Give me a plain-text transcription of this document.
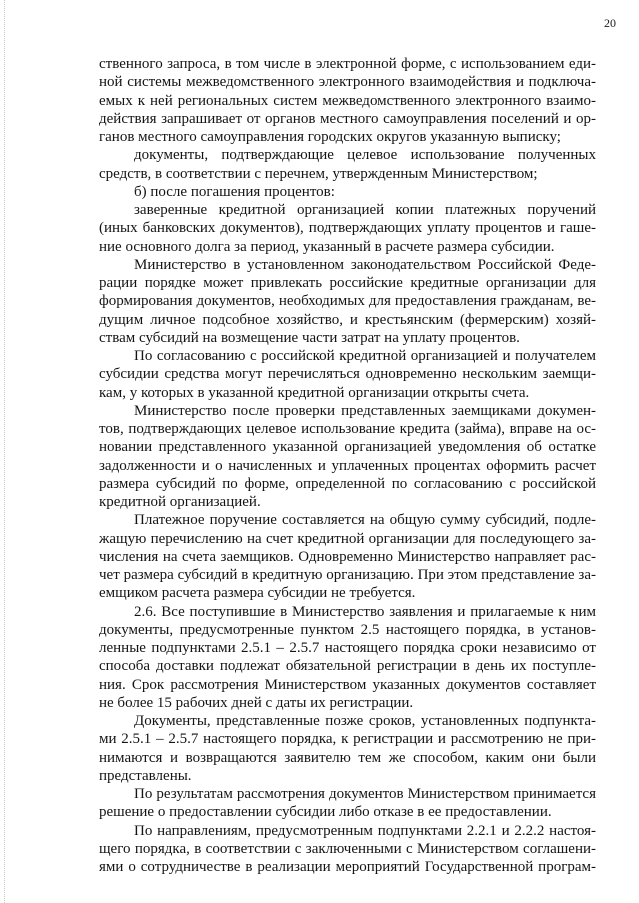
20
ственного запроса, в том числе в электронной форме, с использованием еди-
ной системы межведомственного электронного взаимодействия и подключа-
емых к ней региональных систем межведомственного электронного взаимо-
действия запрашивает от органов местного самоуправления поселений и ор-
ганов местного самоуправления городских округов указанную выписку;
документы, подтверждающие целевое использование полученных
средств, в соответствии с перечнем, утвержденным Министерством;
б) после погашения процентов:
заверенные кредитной организацией копии платежных поручений
(иных банковских документов), подтверждающих уплату процентов и гаше-
ние основного долга за период, указанный в расчете размера субсидии.
Министерство в установленном законодательством Российской Феде-
рации порядке может привлекать российские кредитные организации для
формирования документов, необходимых для предоставления гражданам, ве-
дущим личное подсобное хозяйство, и крестьянским (фермерским) хозяй-
ствам субсидий на возмещение части затрат на уплату процентов.
По согласованию с российской кредитной организацией и получателем
субсидии средства могут перечисляться одновременно нескольким заемщи-
кам, у которых в указанной кредитной организации открыты счета.
Министерство после проверки представленных заемщиками докумен-
тов, подтверждающих целевое использование кредита (займа), вправе на ос-
новании представленного указанной организацией уведомления об остатке
задолженности и о начисленных и уплаченных процентах оформить расчет
размера субсидий по форме, определенной по согласованию с российской
кредитной организацией.
Платежное поручение составляется на общую сумму субсидий, подле-
жащую перечислению на счет кредитной организации для последующего за-
числения на счета заемщиков. Одновременно Министерство направляет рас-
чет размера субсидий в кредитную организацию. При этом представление за-
емщиком расчета размера субсидии не требуется.
2.6. Все поступившие в Министерство заявления и прилагаемые к ним
документы, предусмотренные пунктом 2.5 настоящего порядка, в установ-
ленные подпунктами 2.5.1 – 2.5.7 настоящего порядка сроки независимо от
способа доставки подлежат обязательной регистрации в день их поступле-
ния. Срок рассмотрения Министерством указанных документов составляет
не более 15 рабочих дней с даты их регистрации.
Документы, представленные позже сроков, установленных подпункта-
ми 2.5.1 – 2.5.7 настоящего порядка, к регистрации и рассмотрению не при-
нимаются и возвращаются заявителю тем же способом, каким они были
представлены.
По результатам рассмотрения документов Министерством принимается
решение о предоставлении субсидии либо отказе в ее предоставлении.
По направлениям, предусмотренным подпунктами 2.2.1 и 2.2.2 настоя-
щего порядка, в соответствии с заключенными с Министерством соглашени-
ями о сотрудничестве в реализации мероприятий Государственной програм-
